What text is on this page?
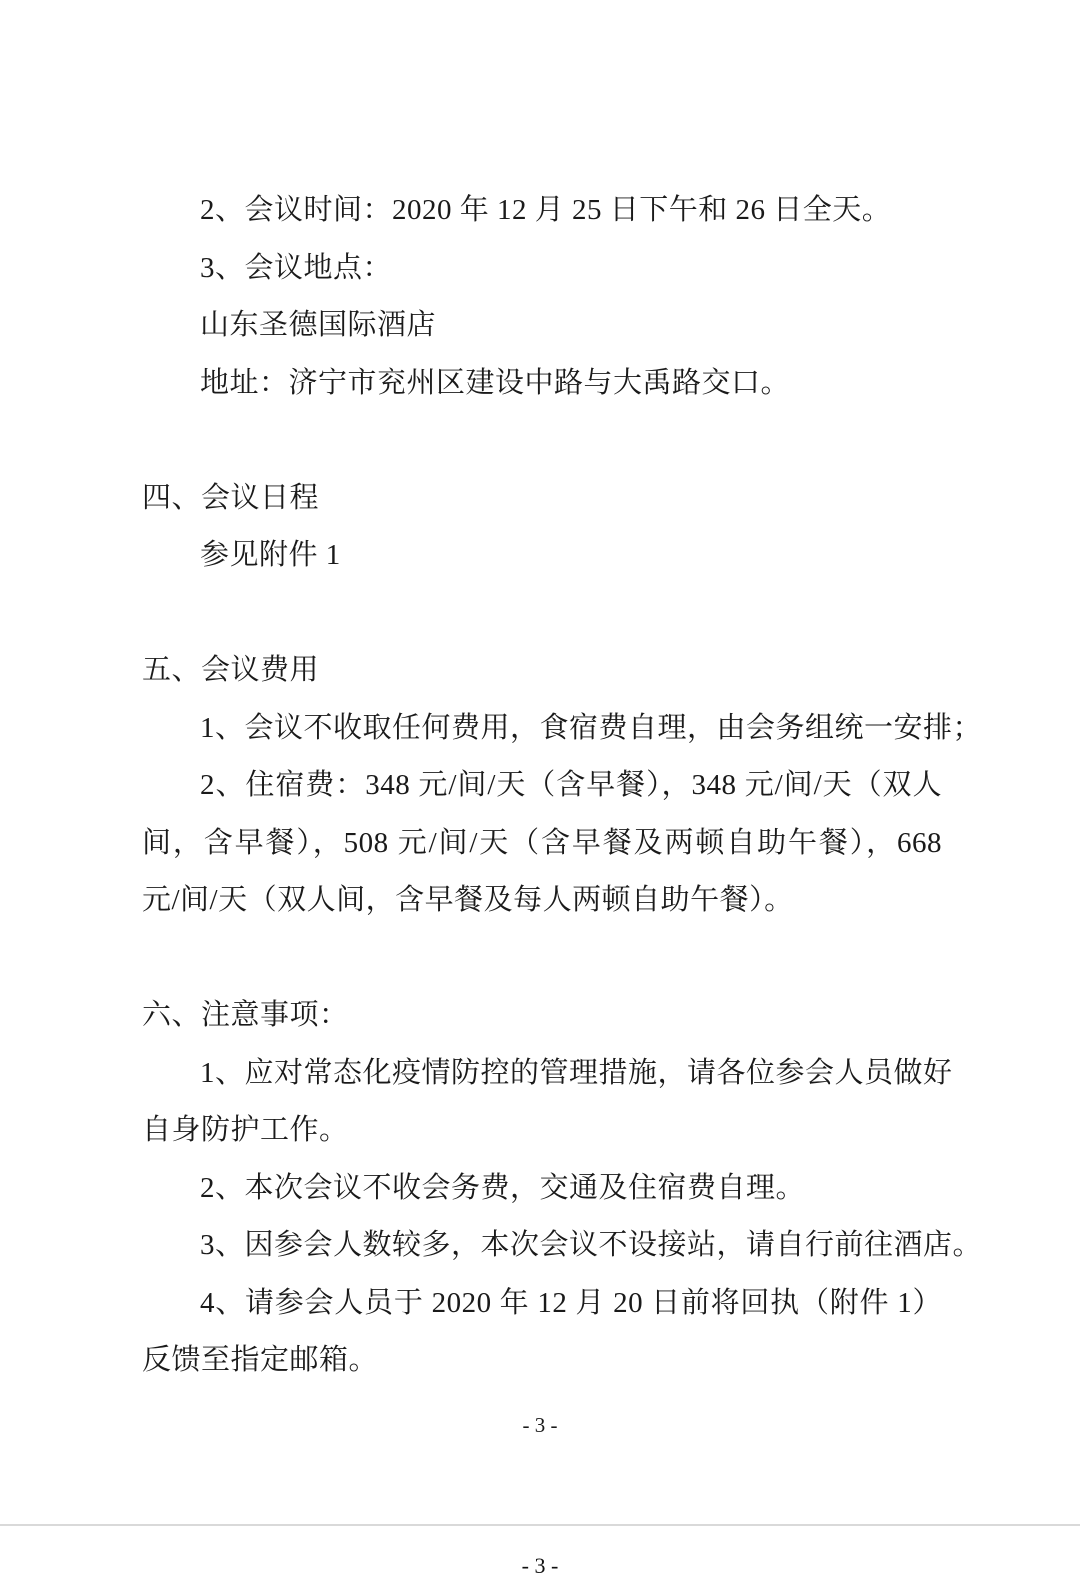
2、会议时间：2020 年 12 月 25 日下午和 26 日全天。
3、会议地点：
山东圣德国际酒店
地址：济宁市兖州区建设中路与大禹路交口。
四、会议日程
参见附件 1
五、会议费用
1、会议不收取任何费用，食宿费自理，由会务组统一安排；
2、住宿费：348 元/间/天（含早餐），348 元/间/天（双人
间，含早餐），508 元/间/天（含早餐及两顿自助午餐），668
元/间/天（双人间，含早餐及每人两顿自助午餐）。
六、注意事项：
1、应对常态化疫情防控的管理措施，请各位参会人员做好
自身防护工作。
2、本次会议不收会务费，交通及住宿费自理。
3、因参会人数较多，本次会议不设接站，请自行前往酒店。
4、请参会人员于 2020 年 12 月 20 日前将回执（附件 1）
反馈至指定邮箱。
- 3 -
- 3 -
